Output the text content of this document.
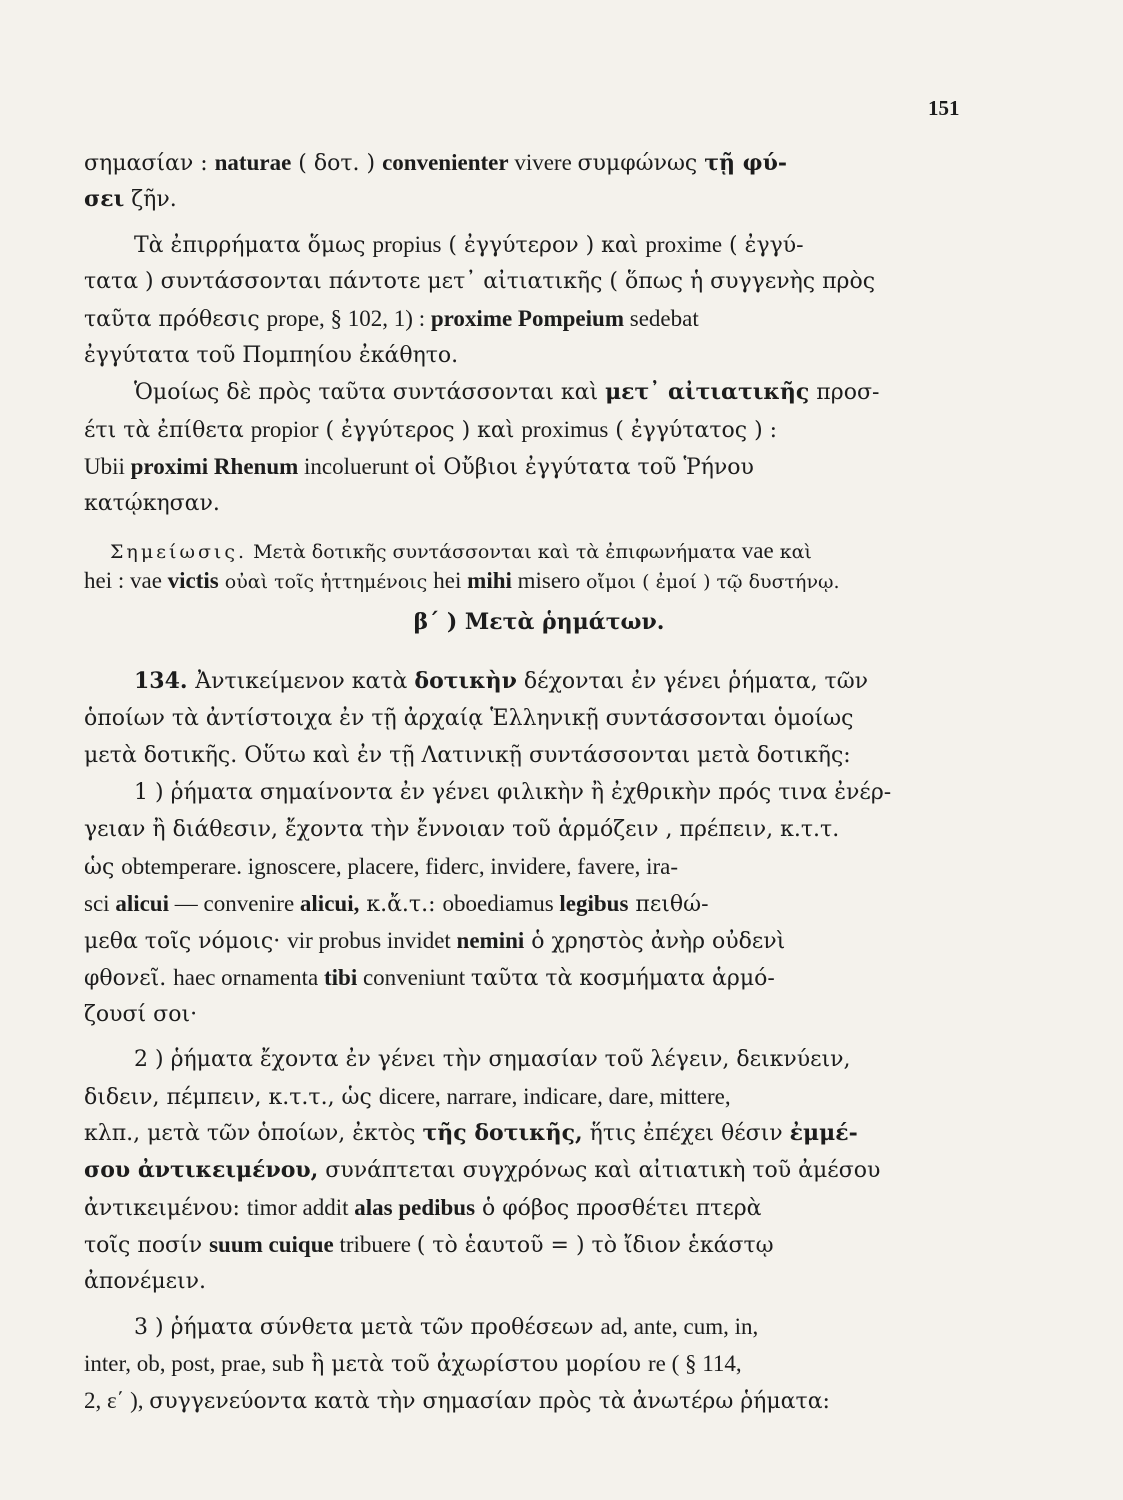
151
σημασίαν : naturae ( δοτ. ) convenienter vivere συμφώνως τῇ φύ-
σει ζῆν.
Τὰ ἐπιρρήματα ὅμως propius ( ἐγγύτερον ) καὶ proxime ( ἐγγύ-
τατα ) συντάσσονται πάντοτε μετ᾽ αἰτιατικῆς ( ὅπως ἡ συγγενὴς πρὸς
ταῦτα πρόθεσις prope, § 102, 1) : proxime Pompeium sedebat
ἐγγύτατα τοῦ Πομπηίου ἐκάθητο.
Ὁμοίως δὲ πρὸς ταῦτα συντάσσονται καὶ μετ᾽ αἰτιατικῆς προσ-
έτι τὰ ἐπίθετα propior ( ἐγγύτερος ) καὶ proximus ( ἐγγύτατος ) :
Ubii proximi Rhenum incoluerunt οἱ Οὔβιοι ἐγγύτατα τοῦ Ῥήνου
κατῴκησαν.
Σημείωσις. Μετὰ δοτικῆς συντάσσονται καὶ τὰ ἐπιφωνήματα vae καὶ
hei : vae victis οὐαὶ τοῖς ἡττημένοις hei mihi misero οἴμοι ( ἐμοί ) τῷ δυστήνῳ.
β΄ ) Μετὰ ῥημάτων.
134. Ἀντικείμενον κατὰ δοτικὴν δέχονται ἐν γένει ῥήματα, τῶν
ὁποίων τὰ ἀντίστοιχα ἐν τῇ ἀρχαίᾳ Ἑλληνικῇ συντάσσονται ὁμοίως
μετὰ δοτικῆς. Οὕτω καὶ ἐν τῇ Λατινικῇ συντάσσονται μετὰ δοτικῆς:
1 ) ῥήματα σημαίνοντα ἐν γένει φιλικὴν ἢ ἐχθρικὴν πρός τινα ἐνέρ-
γειαν ἢ διάθεσιν, ἔχοντα τὴν ἔννοιαν τοῦ ἁρμόζειν , πρέπειν, κ.τ.τ.
ὡς obtemperare. ignoscere, placere, fiderc, invidere, favere, ira-
sci alicui — convenire alicui, κ.ἄ.τ.: oboediamus legibus πειθώ-
μεθα τοῖς νόμοις· vir probus invidet nemini ὁ χρηστὸς ἀνὴρ οὐδενὶ
φθονεῖ. haec ornamenta tibi conveniunt ταῦτα τὰ κοσμήματα ἁρμό-
ζουσί σοι·
2 ) ῥήματα ἔχοντα ἐν γένει τὴν σημασίαν τοῦ λέγειν, δεικνύειν,
διδειν, πέμπειν, κ.τ.τ., ὡς dicere, narrare, indicare, dare, mittere,
κλπ., μετὰ τῶν ὁποίων, ἐκτὸς τῆς δοτικῆς, ἥτις ἐπέχει θέσιν ἐμμέ-
σου ἀντικειμένου, συνάπτεται συγχρόνως καὶ αἰτιατικὴ τοῦ ἀμέσου
ἀντικειμένου: timor addit alas pedibus ὁ φόβος προσθέτει πτερὰ
τοῖς ποσίν suum cuique tribuere ( τὸ ἑαυτοῦ = ) τὸ ἴδιον ἑκάστῳ
ἀπονέμειν.
3 ) ῥήματα σύνθετα μετὰ τῶν προθέσεων ad, ante, cum, in,
inter, ob, post, prae, sub ἢ μετὰ τοῦ ἀχωρίστου μορίου re ( § 114,
2, ε΄ ), συγγενεύοντα κατὰ τὴν σημασίαν πρὸς τὰ ἀνωτέρω ῥήματα:
